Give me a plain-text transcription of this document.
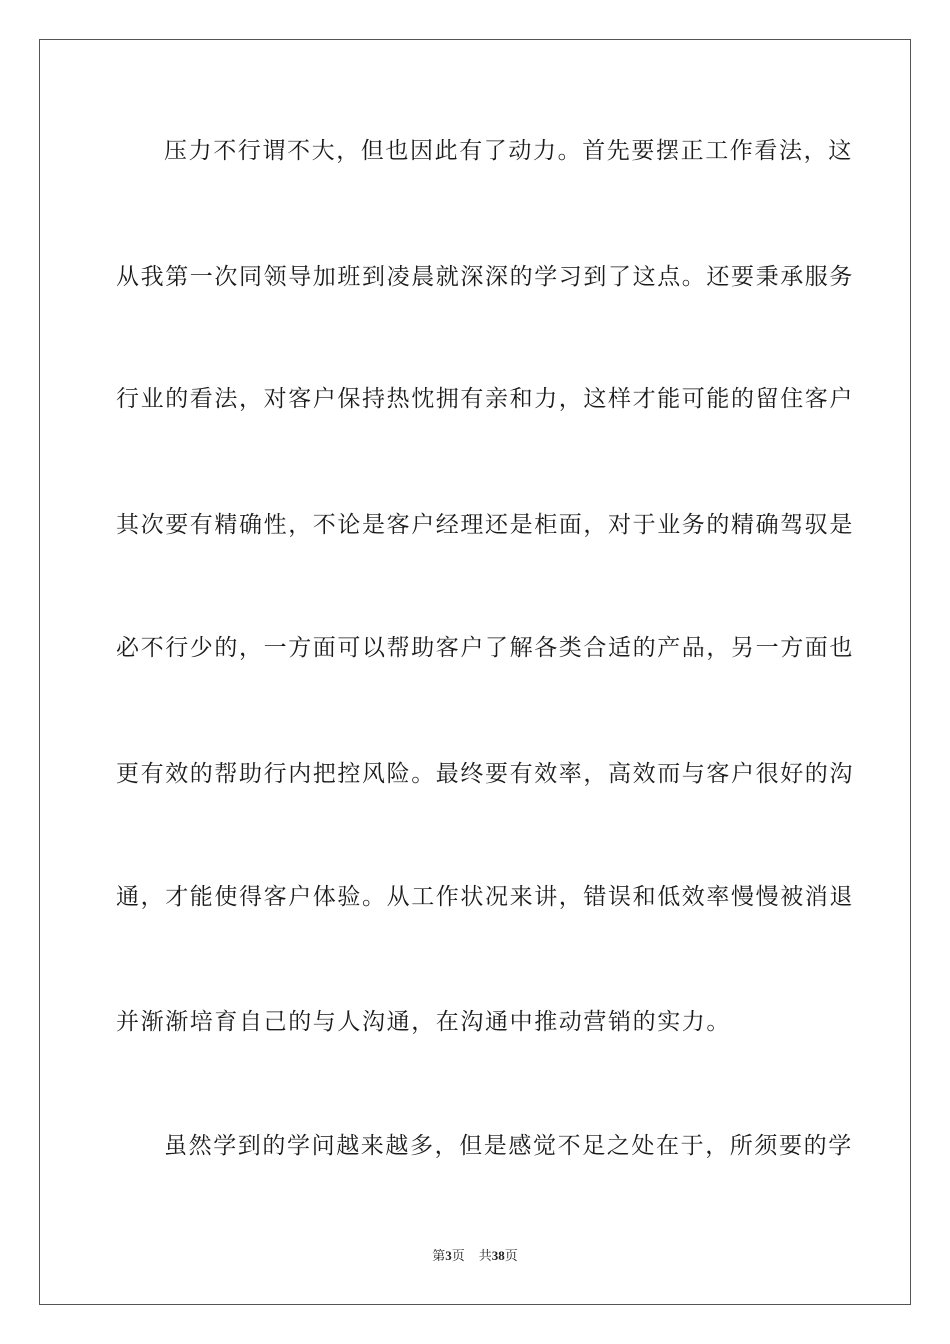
压力不行谓不大，但也因此有了动力。首先要摆正工作看法，这
从我第一次同领导加班到凌晨就深深的学习到了这点。还要秉承服务
行业的看法，对客户保持热忱拥有亲和力，这样才能可能的留住客户
其次要有精确性，不论是客户经理还是柜面，对于业务的精确驾驭是
必不行少的，一方面可以帮助客户了解各类合适的产品，另一方面也
更有效的帮助行内把控风险。最终要有效率，高效而与客户很好的沟
通，才能使得客户体验。从工作状况来讲，错误和低效率慢慢被消退
并渐渐培育自己的与人沟通，在沟通中推动营销的实力。
虽然学到的学问越来越多，但是感觉不足之处在于，所须要的学
第3页 共38页
